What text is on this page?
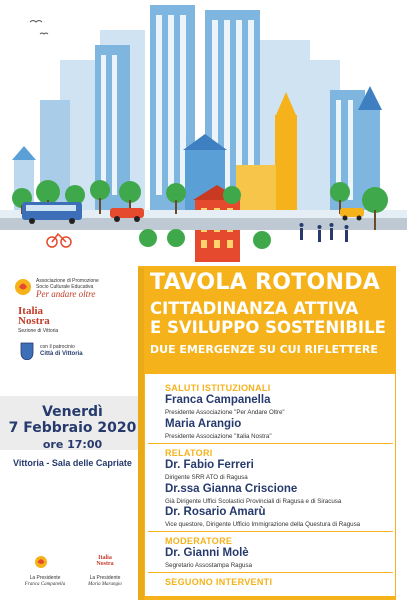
Associazione di Promozione
Socio Culturale Educativa
Per andare oltre
Italia
Nostra
Sezione di Vittoria
con il patrocinio
Città di Vittoria
Venerdì
7 Febbraio 2020
ore 17:00
Vittoria - Sala delle Capriate
TAVOLA ROTONDA
CITTADINANZA ATTIVA
E SVILUPPO SOSTENIBILE
DUE EMERGENZE SU CUI RIFLETTERE
SALUTI ISTITUZIONALI
Franca Campanella
Presidente Associazione "Per Andare Oltre"
Maria Arangio
Presidente Associazione "Italia Nostra"
RELATORI
Dr. Fabio Ferreri
Dirigente SRR ATO di Ragusa
Dr.ssa Gianna Criscione
Già Dirigente Uffici Scolastici Provinciali di Ragusa e di Siracusa
Dr. Rosario Amarù
Vice questore, Dirigente Ufficio Immigrazione della Questura di Ragusa
MODERATORE
Dr. Gianni Molè
Segretario Assostampa Ragusa
SEGUONO INTERVENTI
La Presidente
Franca Campanella
Italia
Nostra
La Presidente
Maria Marangio
